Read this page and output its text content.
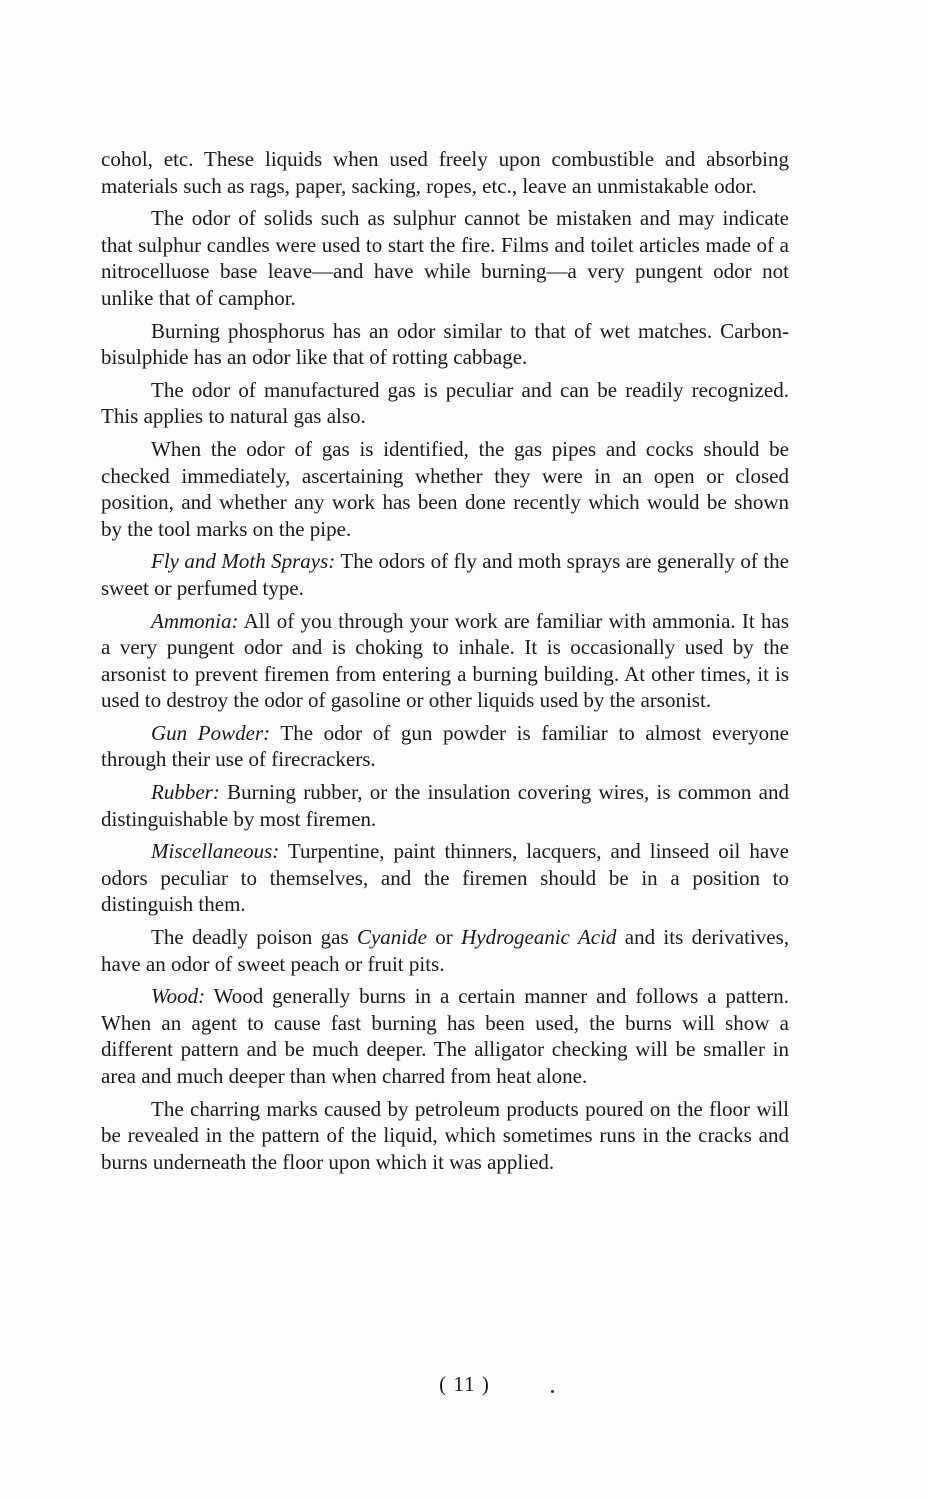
cohol, etc. These liquids when used freely upon combustible and absorbing materials such as rags, paper, sacking, ropes, etc., leave an unmistakable odor.

The odor of solids such as sulphur cannot be mistaken and may indicate that sulphur candles were used to start the fire. Films and toilet articles made of a nitrocelluose base leave—and have while burning—a very pungent odor not unlike that of camphor.

Burning phosphorus has an odor similar to that of wet matches. Carbon-bisulphide has an odor like that of rotting cabbage.

The odor of manufactured gas is peculiar and can be readily recognized. This applies to natural gas also.

When the odor of gas is identified, the gas pipes and cocks should be checked immediately, ascertaining whether they were in an open or closed position, and whether any work has been done recently which would be shown by the tool marks on the pipe.

Fly and Moth Sprays: The odors of fly and moth sprays are generally of the sweet or perfumed type.

Ammonia: All of you through your work are familiar with ammonia. It has a very pungent odor and is choking to inhale. It is occasionally used by the arsonist to prevent firemen from entering a burning building. At other times, it is used to destroy the odor of gasoline or other liquids used by the arsonist.

Gun Powder: The odor of gun powder is familiar to almost everyone through their use of firecrackers.

Rubber: Burning rubber, or the insulation covering wires, is common and distinguishable by most firemen.

Miscellaneous: Turpentine, paint thinners, lacquers, and linseed oil have odors peculiar to themselves, and the firemen should be in a position to distinguish them.

The deadly poison gas Cyanide or Hydrogeanic Acid and its derivatives, have an odor of sweet peach or fruit pits.

Wood: Wood generally burns in a certain manner and follows a pattern. When an agent to cause fast burning has been used, the burns will show a different pattern and be much deeper. The alligator checking will be smaller in area and much deeper than when charred from heat alone.

The charring marks caused by petroleum products poured on the floor will be revealed in the pattern of the liquid, which sometimes runs in the cracks and burns underneath the floor upon which it was applied.

( 11 )
